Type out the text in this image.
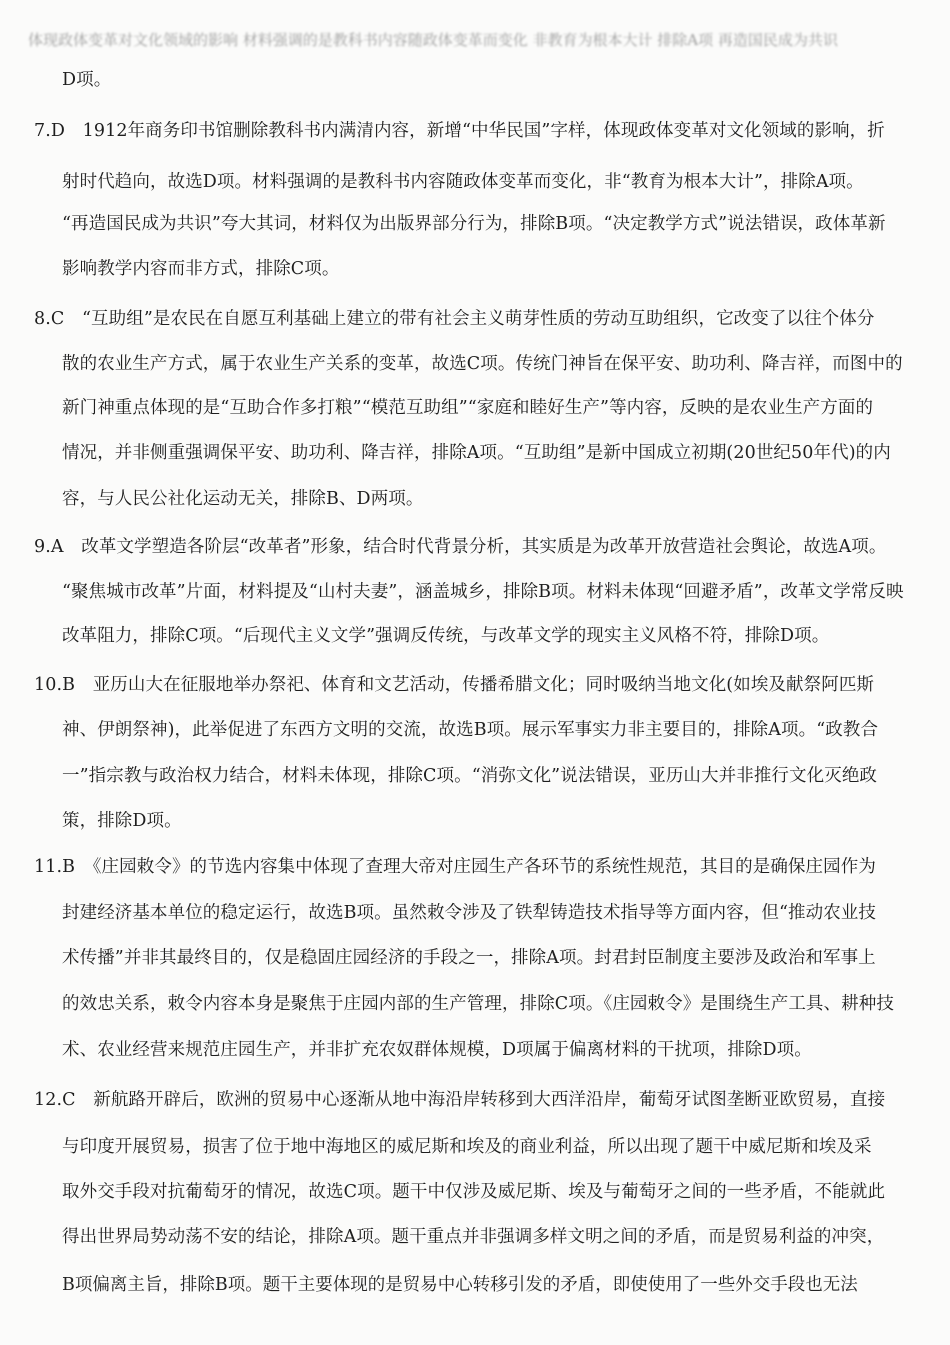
体现政体变革对文化领域的影响 材料强调的是教科书内容随政体变革而变化 非教育为根本大计 排除A项 再造国民成为共识
D项。
7.D　1912年商务印书馆删除教科书内满清内容，新增“中华民国”字样，体现政体变革对文化领域的影响，折
射时代趋向，故选D项。材料强调的是教科书内容随政体变革而变化，非“教育为根本大计”，排除A项。
“再造国民成为共识”夸大其词，材料仅为出版界部分行为，排除B项。“决定教学方式”说法错误，政体革新
影响教学内容而非方式，排除C项。
8.C　“互助组”是农民在自愿互利基础上建立的带有社会主义萌芽性质的劳动互助组织，它改变了以往个体分
散的农业生产方式，属于农业生产关系的变革，故选C项。传统门神旨在保平安、助功利、降吉祥，而图中的
新门神重点体现的是“互助合作多打粮”“模范互助组”“家庭和睦好生产”等内容，反映的是农业生产方面的
情况，并非侧重强调保平安、助功利、降吉祥，排除A项。“互助组”是新中国成立初期(20世纪50年代)的内
容，与人民公社化运动无关，排除B、D两项。
9.A　改革文学塑造各阶层“改革者”形象，结合时代背景分析，其实质是为改革开放营造社会舆论，故选A项。
“聚焦城市改革”片面，材料提及“山村夫妻”，涵盖城乡，排除B项。材料未体现“回避矛盾”，改革文学常反映
改革阻力，排除C项。“后现代主义文学”强调反传统，与改革文学的现实主义风格不符，排除D项。
10.B　亚历山大在征服地举办祭祀、体育和文艺活动，传播希腊文化；同时吸纳当地文化(如埃及献祭阿匹斯
神、伊朗祭神)，此举促进了东西方文明的交流，故选B项。展示军事实力非主要目的，排除A项。“政教合
一”指宗教与政治权力结合，材料未体现，排除C项。“消弥文化”说法错误，亚历山大并非推行文化灭绝政
策，排除D项。
11.B　《庄园敕令》的节选内容集中体现了查理大帝对庄园生产各环节的系统性规范，其目的是确保庄园作为
封建经济基本单位的稳定运行，故选B项。虽然敕令涉及了铁犁铸造技术指导等方面内容，但“推动农业技
术传播”并非其最终目的，仅是稳固庄园经济的手段之一，排除A项。封君封臣制度主要涉及政治和军事上
的效忠关系，敕令内容本身是聚焦于庄园内部的生产管理，排除C项。《庄园敕令》是围绕生产工具、耕种技
术、农业经营来规范庄园生产，并非扩充农奴群体规模，D项属于偏离材料的干扰项，排除D项。
12.C　新航路开辟后，欧洲的贸易中心逐渐从地中海沿岸转移到大西洋沿岸，葡萄牙试图垄断亚欧贸易，直接
与印度开展贸易，损害了位于地中海地区的威尼斯和埃及的商业利益，所以出现了题干中威尼斯和埃及采
取外交手段对抗葡萄牙的情况，故选C项。题干中仅涉及威尼斯、埃及与葡萄牙之间的一些矛盾，不能就此
得出世界局势动荡不安的结论，排除A项。题干重点并非强调多样文明之间的矛盾，而是贸易利益的冲突，
B项偏离主旨，排除B项。题干主要体现的是贸易中心转移引发的矛盾，即使使用了一些外交手段也无法
